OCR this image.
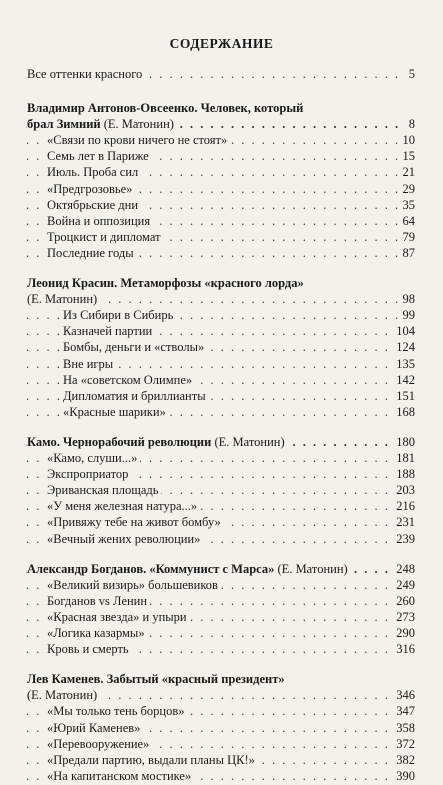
СОДЕРЖАНИЕ
. . .
Все оттенки красного	5
Владимир Антонов-Овсеенко. Человек, который
. . .
брал Зимний (Е. Матонин)	8
. . .
«Связи по крови ничего не стоят»	10
. . .
Семь лет в Париже	15
. . .
Июль. Проба сил	21
. . .
«Предгрозовье»	29
. . .
Октябрьские дни	35
. . .
Война и оппозиция	64
. . .
Троцкист и дипломат	79
. . .
Последние годы	87
Леонид Красин. Метаморфозы «красного лорда»
. . .
(Е. Матонин)	98
. . .
Из Сибири в Сибирь	99
. . .
Казначей партии	104
. . .
Бомбы, деньги и «стволы»	124
. . .
Вне игры	135
. . .
На «советском Олимпе»	142
. . .
Дипломатия и бриллианты	151
. . .
«Красные шарики»	168
. . .
Камо. Чернорабочий революции (Е. Матонин)	180
. . .
«Камо, слуши...»	181
. . .
Экспроприатор	188
. . .
Эриванская площадь	203
. . .
«У меня железная натура...»	216
. . .
«Привяжу тебе на живот бомбу»	231
. . .
«Вечный жених революции»	239
. . .
Александр Богданов. «Коммунист с Марса» (Е. Матонин)	248
. . .
«Великий визирь» большевиков	249
. . .
Богданов vs Ленин	260
. . .
«Красная звезда» и упыри	273
. . .
«Логика казармы»	290
. . .
Кровь и смерть	316
Лев Каменев. Забытый «красный президент»
. . .
(Е. Матонин)	346
. . .
«Мы только тень борцов»	347
. . .
«Юрий Каменев»	358
. . .
«Перевооружение»	372
. . .
«Предали партию, выдали планы ЦК!»	382
. . .
«На капитанском мостике»	390
